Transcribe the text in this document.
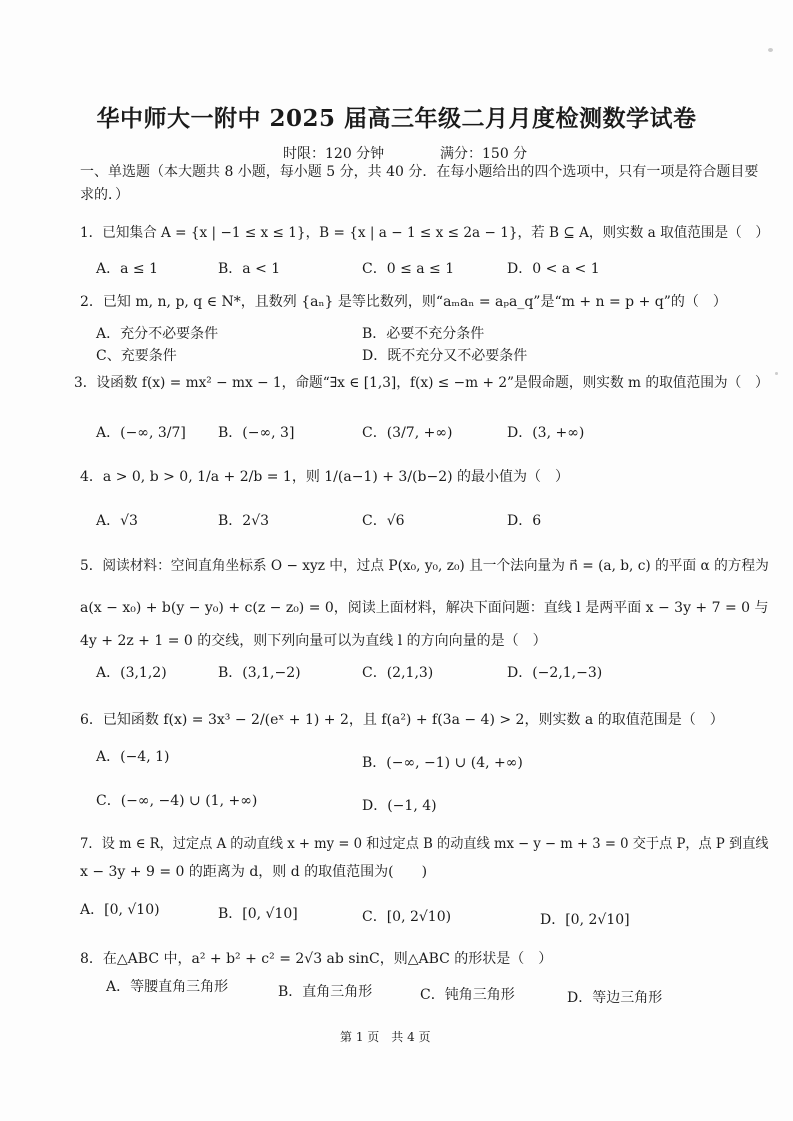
华中师大一附中 2025 届高三年级二月月度检测数学试卷
时限：120 分钟	满分：150 分
一、单选题（本大题共 8 小题，每小题 5 分，共 40 分．在每小题给出的四个选项中，只有一项是符合题目要求的．）
1．已知集合 A = {x | −1 ≤ x ≤ 1}，B = {x | a − 1 ≤ x ≤ 2a − 1}，若 B ⊆ A，则实数 a 取值范围是（　）
A．a ≤ 1	B．a < 1	C．0 ≤ a ≤ 1	D．0 < a < 1
2．已知 m, n, p, q ∈ N*，且数列 {aₙ} 是等比数列，则“aₘaₙ = aₚa_q”是“m + n = p + q”的（　）
A．充分不必要条件	B．必要不充分条件
C、充要条件	D．既不充分又不必要条件
3．设函数 f(x) = mx² − mx − 1，命题“∃x ∈ [1,3]，f(x) ≤ −m + 2”是假命题，则实数 m 的取值范围为（　）
A．(−∞, 3/7] B．(−∞, 3]	C．(3/7, +∞)	D．(3, +∞)
4．a > 0, b > 0, 1/a + 2/b = 1，则 1/(a−1) + 3/(b−2) 的最小值为（　）
A．√3	B．2√3	C．√6	D．6
5．阅读材料：空间直角坐标系 O − xyz 中，过点 P(x₀, y₀, z₀) 且一个法向量为 n⃗ = (a, b, c) 的平面 α 的方程为
a(x − x₀) + b(y − y₀) + c(z − z₀) = 0，阅读上面材料，解决下面问题：直线 l 是两平面 x − 3y + 7 = 0 与
4y + 2z + 1 = 0 的交线，则下列向量可以为直线 l 的方向向量的是（　）
A．(3,1,2)	B．(3,1,−2)	C．(2,1,3)	D．(−2,1,−3)
6．已知函数 f(x) = 3x³ − 2/(eˣ + 1) + 2，且 f(a²) + f(3a − 4) > 2，则实数 a 的取值范围是（　）
A．(−4, 1)	B．(−∞, −1) ∪ (4, +∞)
C．(−∞, −4) ∪ (1, +∞)	D．(−1, 4)
7．设 m ∈ R，过定点 A 的动直线 x + my = 0 和过定点 B 的动直线 mx − y − m + 3 = 0 交于点 P，点 P 到直线
x − 3y + 9 = 0 的距离为 d，则 d 的取值范围为(　　)
A．[0, √10)	B．[0, √10]	C．[0, 2√10)	D．[0, 2√10]
8．在△ABC 中，a² + b² + c² = 2√3 ab sinC，则△ABC 的形状是（　）
A．等腰直角三角形	B．直角三角形	C．钝角三角形	D．等边三角形
第 1 页　共 4 页
